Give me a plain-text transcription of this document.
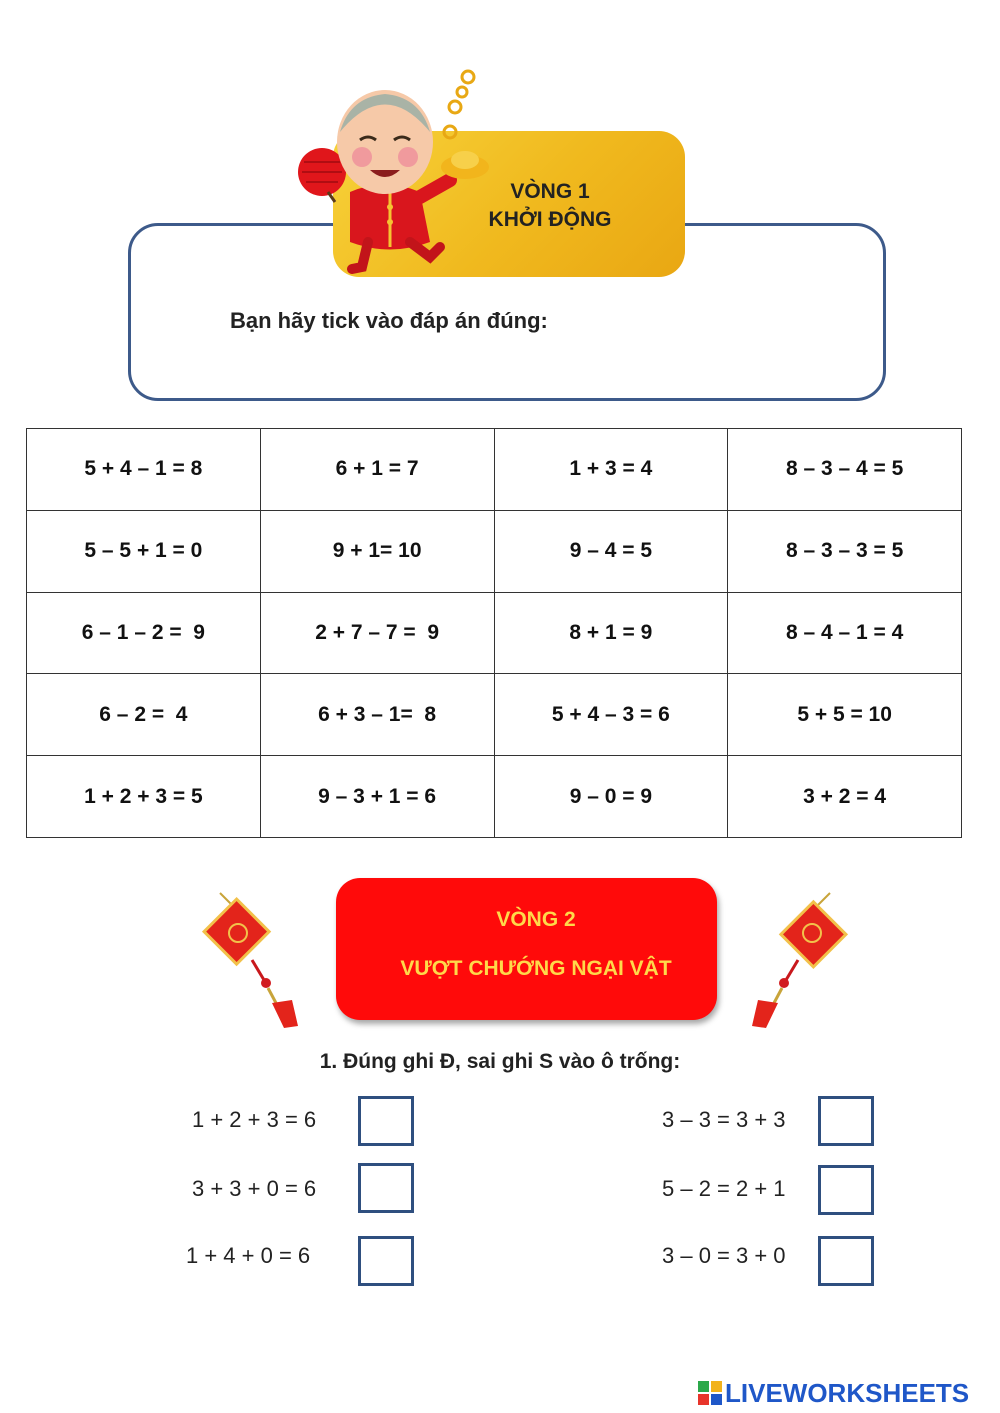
VÒNG 1
KHỞI ĐỘNG
Bạn hãy tick vào đáp án đúng:
5 + 4 – 1 = 8	6 + 1 = 7	1 + 3 = 4	8 – 3 – 4 = 5
5 – 5 + 1 = 0	9 + 1= 10	9 – 4 = 5	8 – 3 – 3 = 5
6 – 1 – 2 =  9	2 + 7 – 7 =  9	8 + 1 = 9	8 – 4 – 1 = 4
6 – 2 =  4	6 + 3 – 1=  8	5 + 4 – 3 = 6	5 + 5 = 10
1 + 2 + 3 = 5	9 – 3 + 1 = 6	9 – 0 = 9	3 + 2 = 4
VÒNG 2
VƯỢT CHƯỚNG NGẠI VẬT
1. Đúng ghi Đ, sai ghi S vào ô trống:
1 + 2 + 3 = 6
3 + 3 + 0 = 6
1 + 4 + 0 = 6
3 – 3 = 3 + 3
5 – 2 = 2 + 1
3 – 0 = 3 + 0
LIVEWORKSHEETS
